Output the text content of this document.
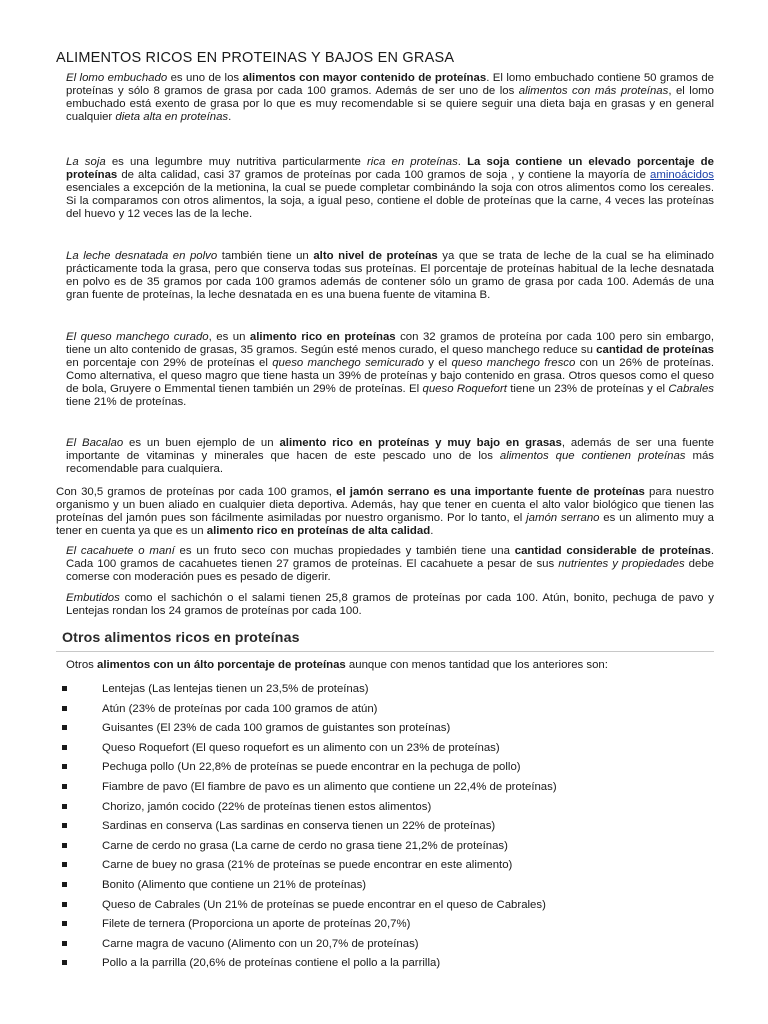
ALIMENTOS RICOS EN PROTEINAS Y BAJOS EN GRASA
El lomo embuchado es uno de los alimentos con mayor contenido de proteínas. El lomo embuchado contiene 50 gramos de proteínas y sólo 8 gramos de grasa por cada 100 gramos. Además de ser uno de los alimentos con más proteínas, el lomo embuchado está exento de grasa por lo que es muy recomendable si se quiere seguir una dieta baja en grasas y en general cualquier dieta alta en proteínas.
La soja es una legumbre muy nutritiva particularmente rica en proteínas. La soja contiene un elevado porcentaje de proteínas de alta calidad, casi 37 gramos de proteínas por cada 100 gramos de soja , y contiene la mayoría de aminoácidos esenciales a excepción de la metionina, la cual se puede completar combinándo la soja con otros alimentos como los cereales. Si la comparamos con otros alimentos, la soja, a igual peso, contiene el doble de proteínas que la carne, 4 veces las proteínas del huevo y 12 veces las de la leche.
La leche desnatada en polvo también tiene un alto nivel de proteínas ya que se trata de leche de la cual se ha eliminado prácticamente toda la grasa, pero que conserva todas sus proteínas. El porcentaje de proteínas habitual de la leche desnatada en polvo es de 35 gramos por cada 100 gramos además de contener sólo un gramo de grasa por cada 100. Además de una gran fuente de proteínas, la leche desnatada en es una buena fuente de vitamina B.
El queso manchego curado, es un alimento rico en proteínas con 32 gramos de proteína por cada 100 pero sin embargo, tiene un alto contenido de grasas, 35 gramos. Según esté menos curado, el queso manchego reduce su cantidad de proteínas en porcentaje con 29% de proteínas el queso manchego semicurado y el queso manchego fresco con un 26% de proteínas. Como alternativa, el queso magro que tiene hasta un 39% de proteínas y bajo contenido en grasa. Otros quesos como el queso de bola, Gruyere o Emmental tienen también un 29% de proteínas. El queso Roquefort tiene un 23% de proteínas y el Cabrales tiene 21% de proteínas.
El Bacalao es un buen ejemplo de un alimento rico en proteínas y muy bajo en grasas, además de ser una fuente importante de vitaminas y minerales que hacen de este pescado uno de los alimentos que contienen proteínas más recomendable para cualquiera.
Con 30,5 gramos de proteínas por cada 100 gramos, el jamón serrano es una importante fuente de proteínas para nuestro organismo y un buen aliado en cualquier dieta deportiva. Además, hay que tener en cuenta el alto valor biológico que tienen las proteínas del jamón pues son fácilmente asimiladas por nuestro organismo. Por lo tanto, el jamón serrano es un alimento muy a tener en cuenta ya que es un alimento rico en proteínas de alta calidad.
El cacahuete o maní es un fruto seco con muchas propiedades y también tiene una cantidad considerable de proteínas. Cada 100 gramos de cacahuetes tienen 27 gramos de proteínas. El cacahuete a pesar de sus nutrientes y propiedades debe comerse con moderación pues es pesado de digerir.
Embutidos como el sachichón o el salami tienen 25,8 gramos de proteínas por cada 100. Atún, bonito, pechuga de pavo y Lentejas rondan los 24 gramos de proteínas por cada 100.
Otros alimentos ricos en proteínas
Otros alimentos con un álto porcentaje de proteínas aunque con menos tantidad que los anteriores son:
Lentejas (Las lentejas tienen un 23,5% de proteínas)
Atún (23% de proteínas por cada 100 gramos de atún)
Guisantes (El 23% de cada 100 gramos de guistantes son proteínas)
Queso Roquefort (El queso roquefort es un alimento con un 23% de proteínas)
Pechuga pollo (Un 22,8% de proteínas se puede encontrar en la pechuga de pollo)
Fiambre de pavo (El fiambre de pavo es un alimento que contiene un 22,4% de proteínas)
Chorizo, jamón cocido (22% de proteínas tienen estos alimentos)
Sardinas en conserva (Las sardinas en conserva tienen un 22% de proteínas)
Carne de cerdo no grasa (La carne de cerdo no grasa tiene 21,2% de proteínas)
Carne de buey no grasa (21% de proteínas se puede encontrar en este alimento)
Bonito (Alimento que contiene un 21% de proteínas)
Queso de Cabrales (Un 21% de proteínas se puede encontrar en el queso de Cabrales)
Filete de ternera (Proporciona un aporte de proteínas 20,7%)
Carne magra de vacuno (Alimento con un 20,7% de proteínas)
Pollo a la parrilla (20,6% de proteínas contiene el pollo a la parrilla)
